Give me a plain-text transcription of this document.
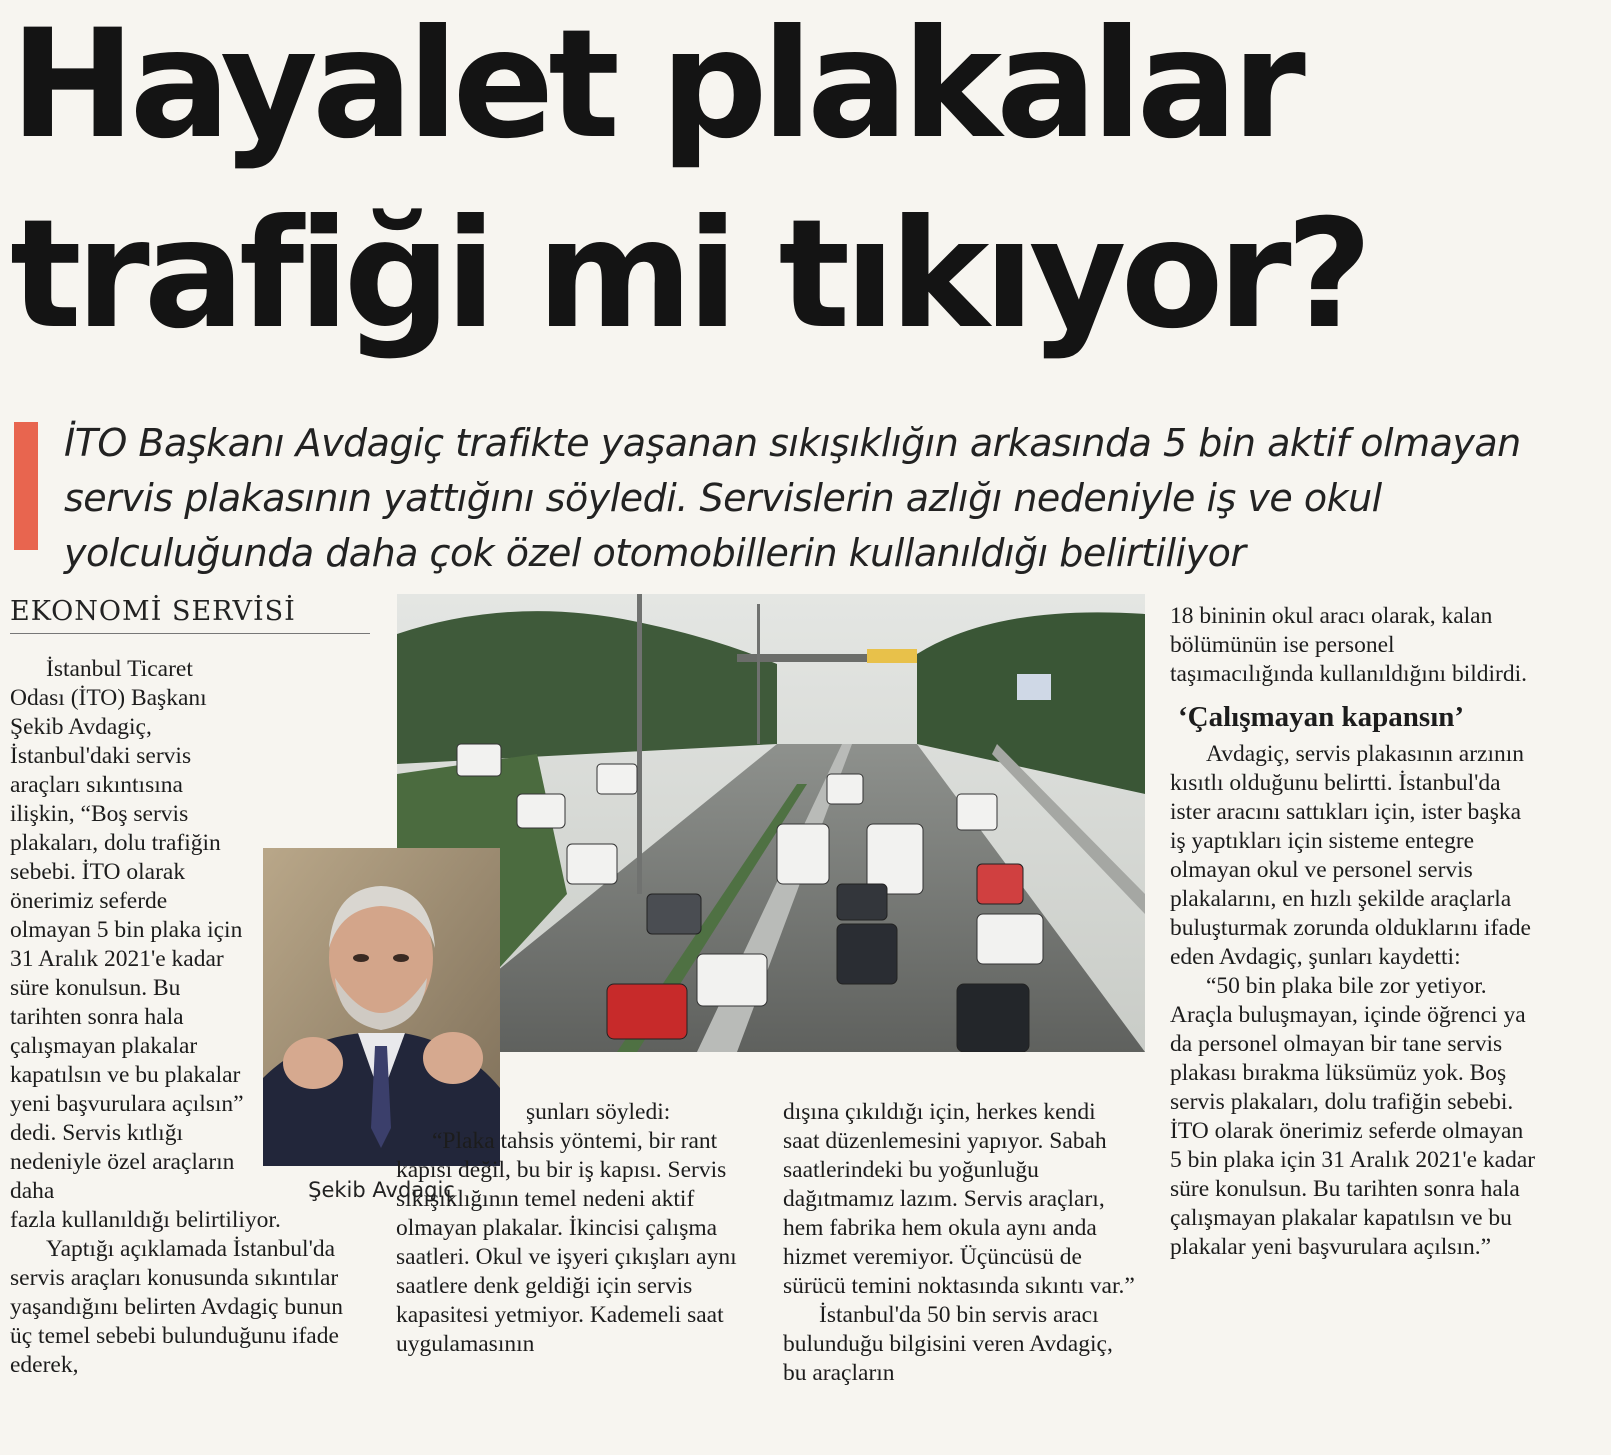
Hayalet plakalar
trafiği mi tıkıyor?

İTO Başkanı Avdagiç trafikte yaşanan sıkışıklığın arkasında 5 bin aktif olmayan servis plakasının yattığını söyledi. Servislerin azlığı nedeniyle iş ve okul yolculuğunda daha çok özel otomobillerin kullanıldığı belirtiliyor

EKONOMİ SERVİSİ
Şekib Avdagiç

İstanbul Ticaret Odası (İTO) Başkanı Şekib Avdagiç, İstanbul'daki servis araçları sıkıntısına ilişkin, “Boş servis plakaları, dolu trafiğin sebebi. İTO olarak önerimiz seferde olmayan 5 bin plaka için 31 Aralık 2021'e kadar süre konulsun. Bu tarihten sonra hala çalışmayan plakalar kapatılsın ve bu plakalar yeni başvurulara açılsın” dedi. Servis kıtlığı nedeniyle özel araçların daha

fazla kullanıldığı belirtiliyor.

Yaptığı açıklamada İstanbul'da servis araçları konusunda sıkıntılar yaşandığını belirten Avdagiç bunun üç temel sebebi bulunduğunu ifade ederek,

şunları söyledi:

“Plaka tahsis yöntemi, bir rant kapısı değil, bu bir iş kapısı. Servis sıkışıklığının temel nedeni aktif olmayan plakalar. İkincisi çalışma saatleri. Okul ve işyeri çıkışları aynı saatlere denk geldiği için servis kapasitesi yetmiyor. Kademeli saat uygulamasının

dışına çıkıldığı için, herkes kendi saat düzenlemesini yapıyor. Sabah saatlerindeki bu yoğunluğu dağıtmamız lazım. Servis araçları, hem fabrika hem okula aynı anda hizmet veremiyor. Üçüncüsü de sürücü temini noktasında sıkıntı var.”

İstanbul'da 50 bin servis aracı bulunduğu bilgisini veren Avdagiç, bu araçların

18 bininin okul aracı olarak, kalan bölümünün ise personel taşımacılığında kullanıldığını bildirdi.

‘Çalışmayan kapansın’

Avdagiç, servis plakasının arzının kısıtlı olduğunu belirtti. İstanbul'da ister aracını sattıkları için, ister başka iş yaptıkları için sisteme entegre olmayan okul ve personel servis plakalarını, en hızlı şekilde araçlarla buluşturmak zorunda olduklarını ifade eden Avdagiç, şunları kaydetti:

“50 bin plaka bile zor yetiyor. Araçla buluşmayan, içinde öğrenci ya da personel olmayan bir tane servis plakası bırakma lüksümüz yok. Boş servis plakaları, dolu trafiğin sebebi. İTO olarak önerimiz seferde olmayan 5 bin plaka için 31 Aralık 2021'e kadar süre konulsun. Bu tarihten sonra hala çalışmayan plakalar kapatılsın ve bu plakalar yeni başvurulara açılsın.”
